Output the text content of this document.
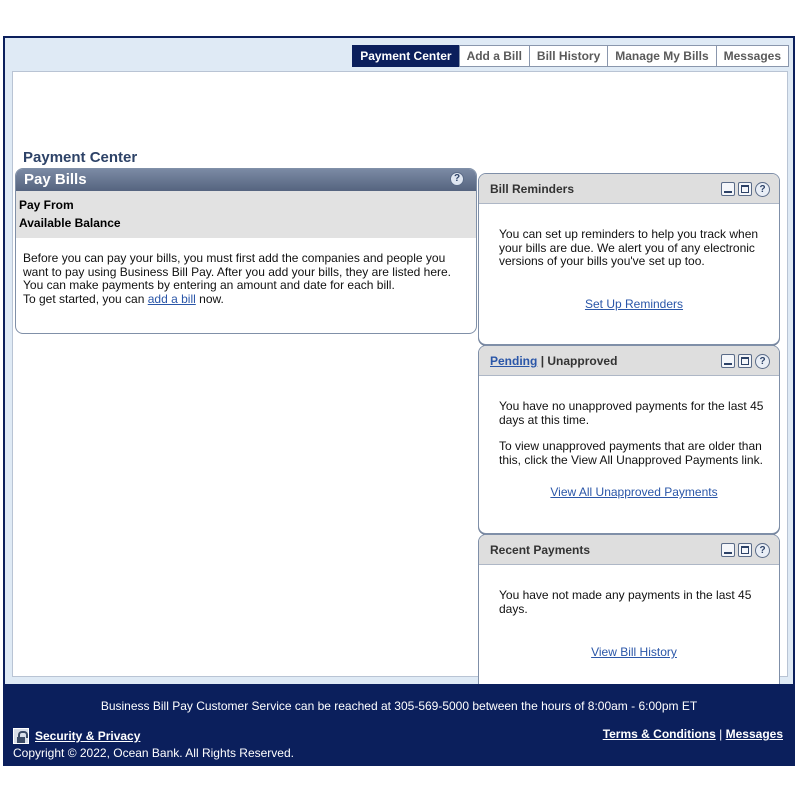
Payment Center	Add a Bill	Bill History	Manage My Bills	Messages
Payment Center
Pay Bills	?
Pay From
Available Balance
Before you can pay your bills, you must first add the companies and people you want to pay using Business Bill Pay. After you add your bills, they are listed here. You can make payments by entering an amount and date for each bill.
To get started, you can add a bill now.
Bill Reminders	?
You can set up reminders to help you track when your bills are due. We alert you of any electronic versions of your bills you've set up too.
Set Up Reminders
Pending | Unapproved	?
You have no unapproved payments for the last 45 days at this time.
To view unapproved payments that are older than this, click the View All Unapproved Payments link.
View All Unapproved Payments
Recent Payments	?
You have not made any payments in the last 45 days.
View Bill History
Business Bill Pay Customer Service can be reached at 305-569-5000 between the hours of 8:00am - 6:00pm ET
Security & Privacy	Terms & Conditions | Messages
Copyright © 2022, Ocean Bank. All Rights Reserved.
